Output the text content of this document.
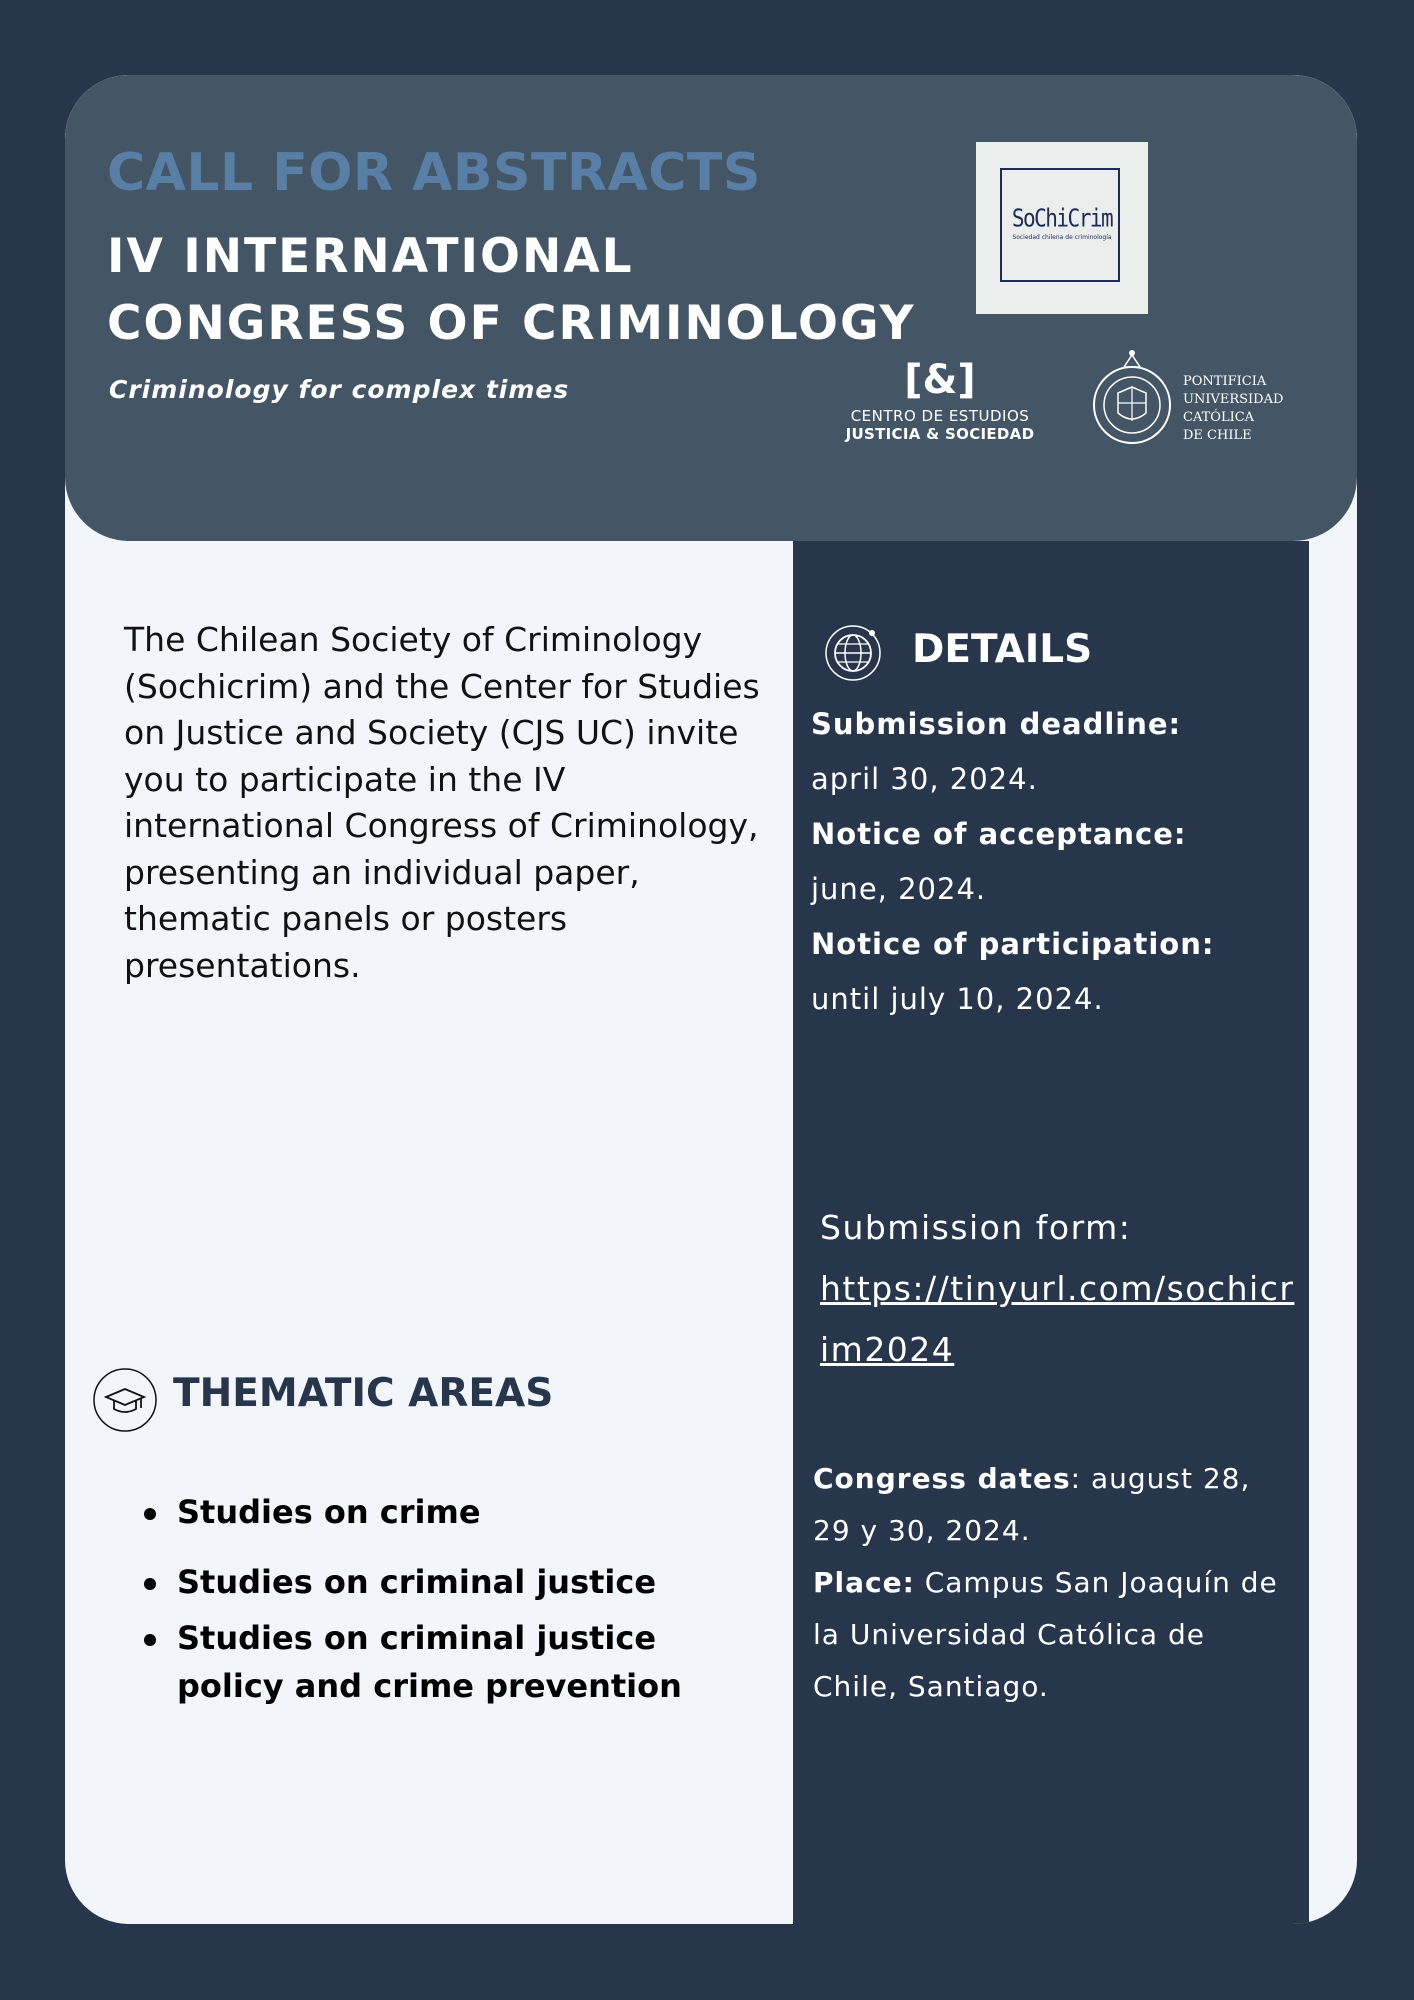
CALL FOR ABSTRACTS
IV INTERNATIONAL CONGRESS OF CRIMINOLOGY
Criminology for complex times
SoChiCrim
Sociedad chilena de criminología
[&]
CENTRO DE ESTUDIOS
JUSTICIA & SOCIEDAD
PONTIFICIA
UNIVERSIDAD
CATÓLICA
DE CHILE
The Chilean Society of Criminology (Sochicrim) and the Center for Studies on Justice and Society (CJS UC) invite you to participate in the IV international Congress of Criminology, presenting an individual paper, thematic panels or posters presentations.
THEMATIC AREAS
Studies on crime
Studies on criminal justice
Studies on criminal justice policy and crime prevention
DETAILS
Submission deadline:
april 30, 2024.
Notice of acceptance:
june, 2024.
Notice of participation:
until july 10, 2024.
Submission form:
https://tinyurl.com/sochicrim2024
Congress dates: august 28, 29 y 30, 2024.
Place: Campus San Joaquín de la Universidad Católica de Chile, Santiago.
